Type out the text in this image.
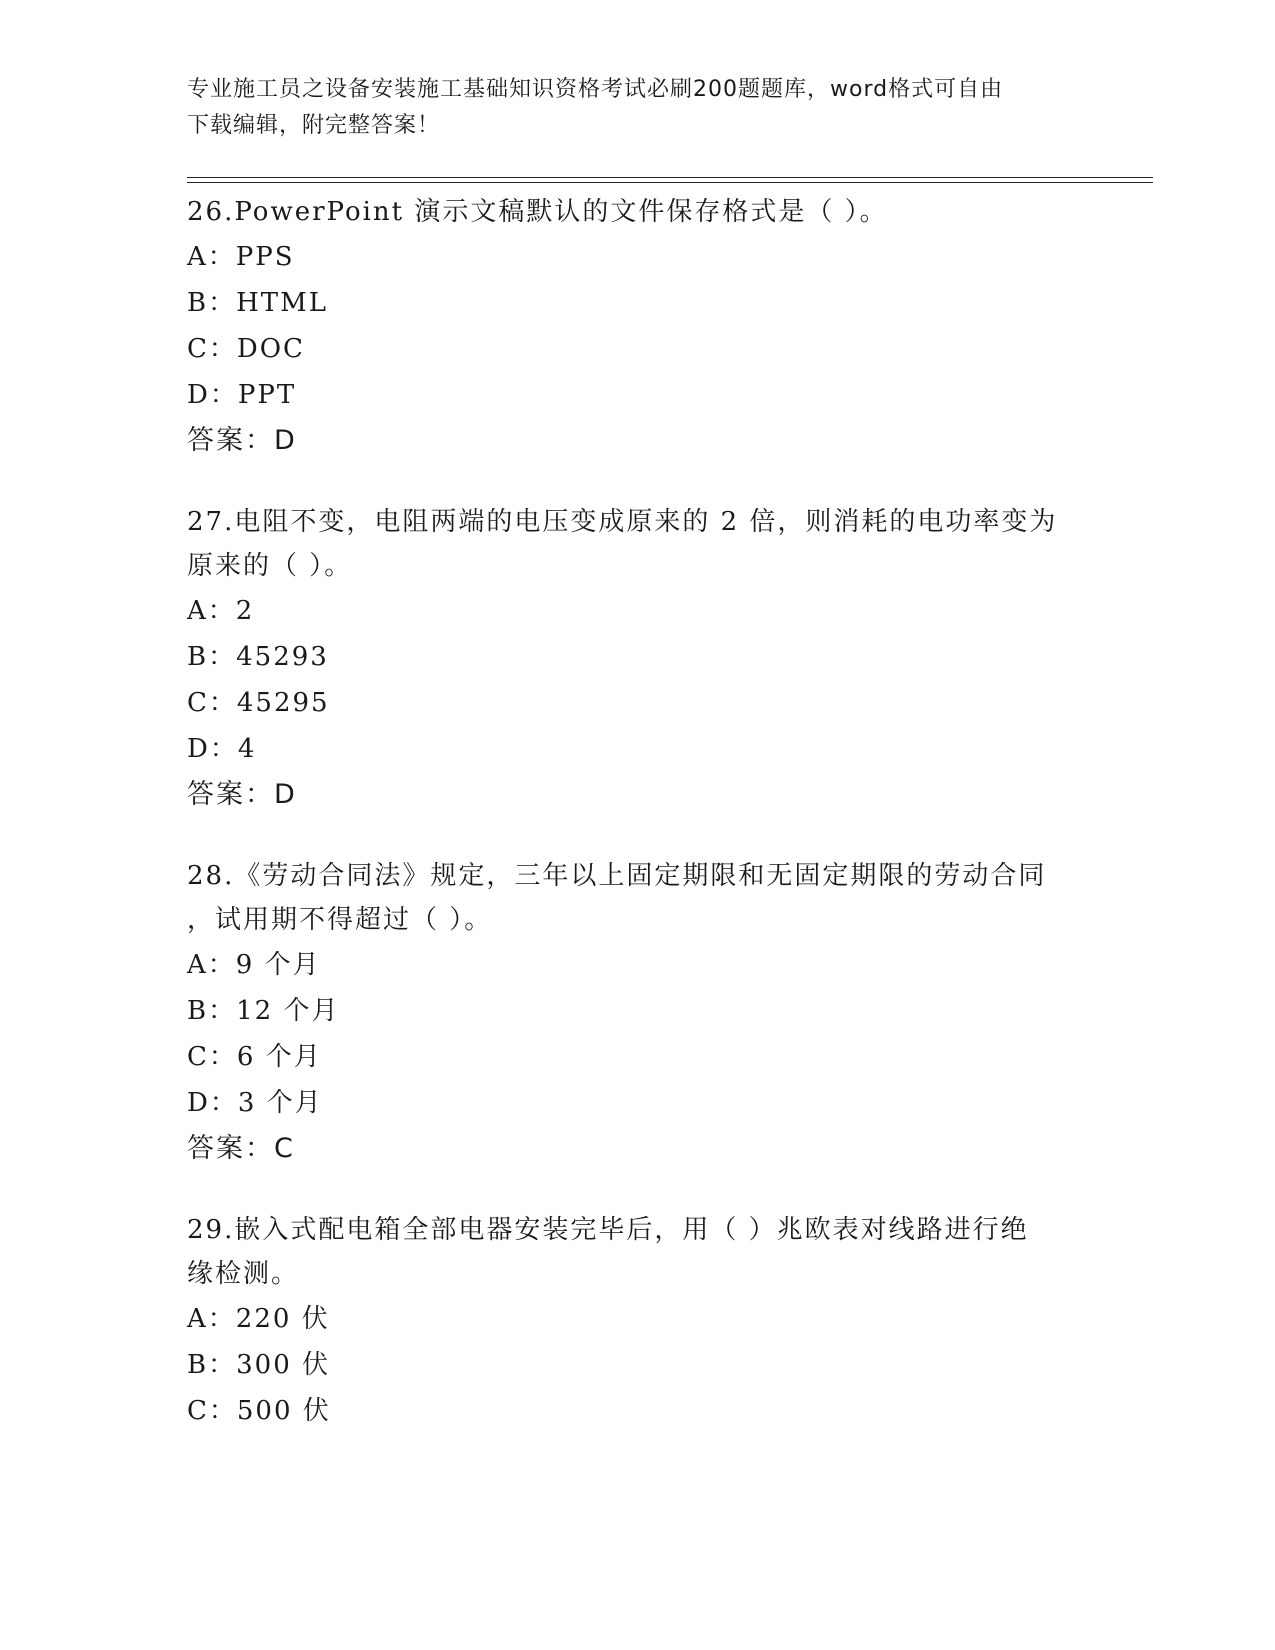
专业施工员之设备安装施工基础知识资格考试必刷200题题库，word格式可自由
下载编辑，附完整答案！

26.PowerPoint 演示文稿默认的文件保存格式是（ ）。

A：PPS

B：HTML

C：DOC

D：PPT

答案：D

27.电阻不变，电阻两端的电压变成原来的 2 倍，则消耗的电功率变为

原来的（ ）。

A：2

B：45293

C：45295

D：4

答案：D

28.《劳动合同法》规定，三年以上固定期限和无固定期限的劳动合同

，试用期不得超过（ ）。

A：9 个月

B：12 个月

C：6 个月

D：3 个月

答案：C

29.嵌入式配电箱全部电器安装完毕后，用（ ）兆欧表对线路进行绝

缘检测。

A：220 伏

B：300 伏

C：500 伏
